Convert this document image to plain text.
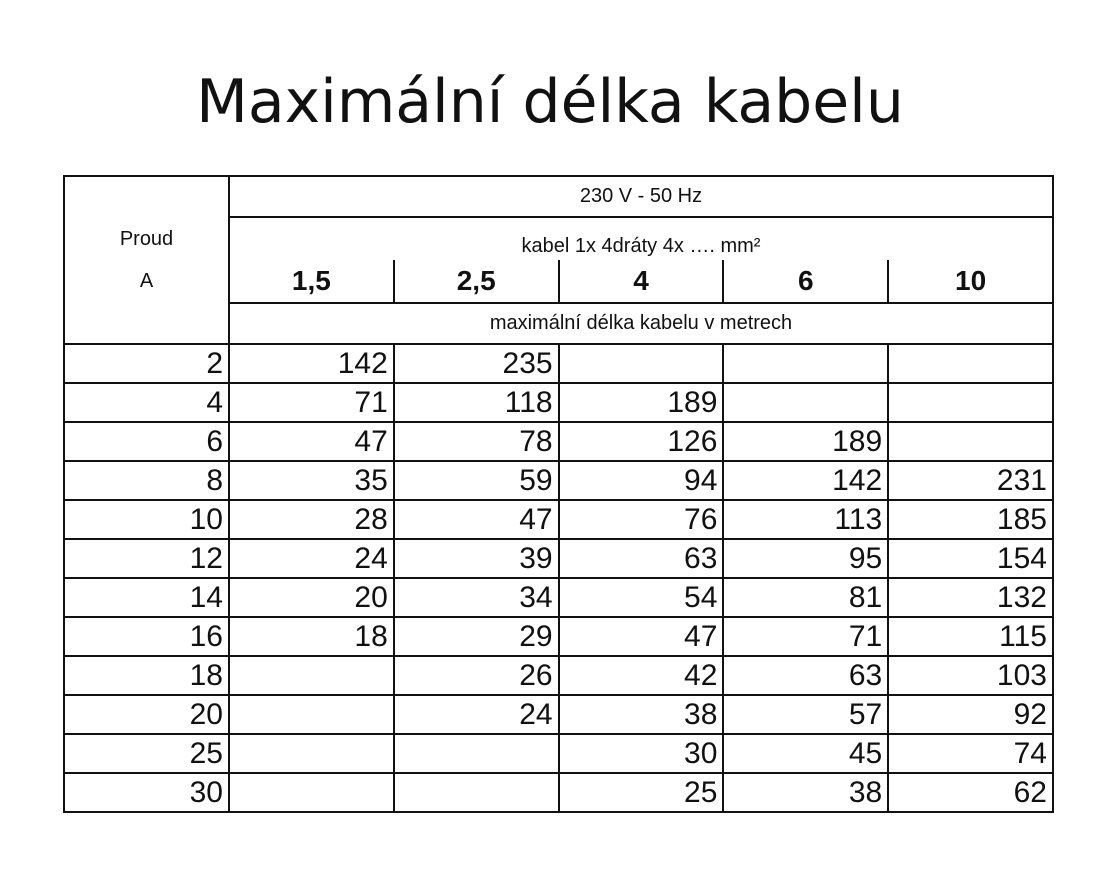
Maximální délka kabelu
Proud
A	230 V - 50 Hz				
	kabel 1x 4dráty 4x …. mm²				
	1,5	2,5	4	6	10
	maximální délka kabelu v metrech				
2	142	235			
4	71	118	189		
6	47	78	126	189	
8	35	59	94	142	231
10	28	47	76	113	185
12	24	39	63	95	154
14	20	34	54	81	132
16	18	29	47	71	115
18		26	42	63	103
20		24	38	57	92
25			30	45	74
30			25	38	62
